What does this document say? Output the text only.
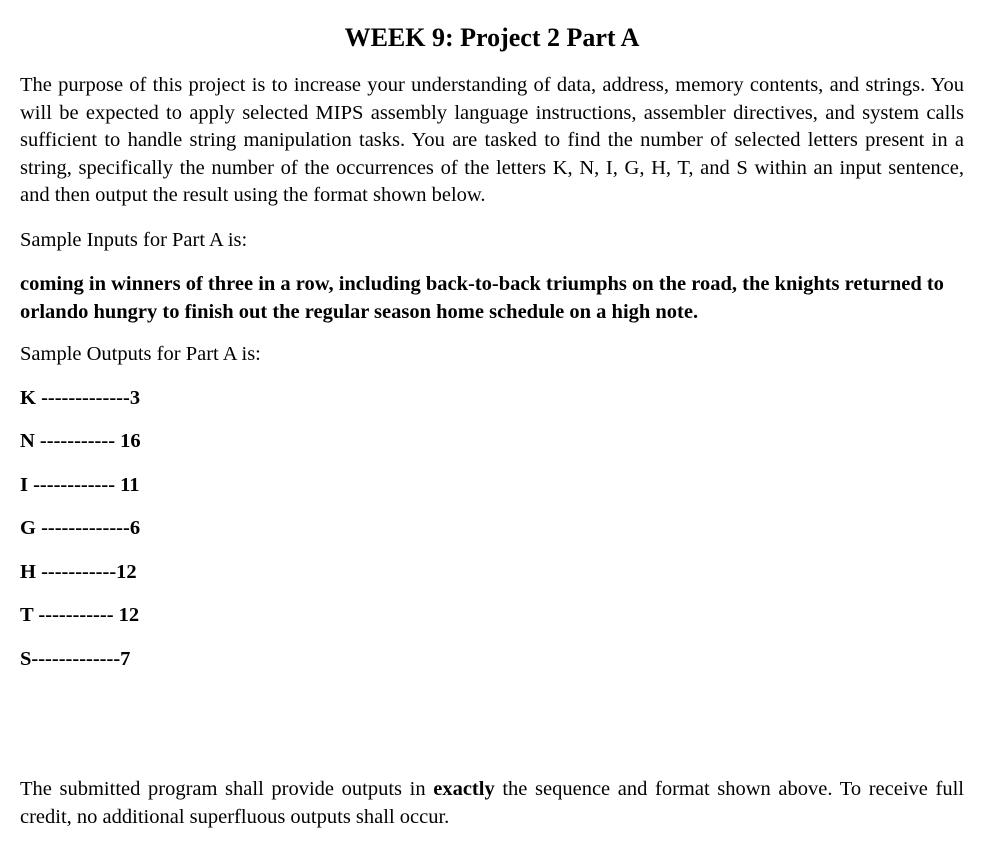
WEEK 9: Project 2 Part A

The purpose of this project is to increase your understanding of data, address, memory contents, and strings. You will be expected to apply selected MIPS assembly language instructions, assembler directives, and system calls sufficient to handle string manipulation tasks. You are tasked to find the number of selected letters present in a string, specifically the number of the occurrences of the letters K, N, I, G, H, T, and S within an input sentence, and then output the result using the format shown below.

Sample Inputs for Part A is:

coming in winners of three in a row, including back-to-back triumphs on the road, the knights returned to orlando hungry to finish out the regular season home schedule on a high note.

Sample Outputs for Part A is:

K -------------3

N ----------- 16

I ------------ 11

G -------------6

H -----------12

T ----------- 12

S-------------7

The submitted program shall provide outputs in exactly the sequence and format shown above. To receive full credit, no additional superfluous outputs shall occur.
